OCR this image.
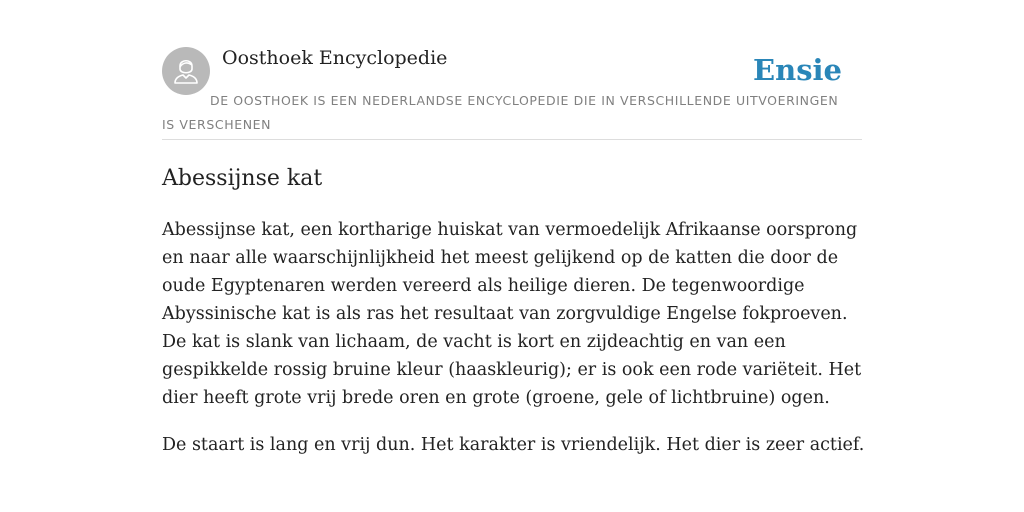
Oosthoek Encyclopedie	Ensie
DE OOSTHOEK IS EEN NEDERLANDSE ENCYCLOPEDIE DIE IN VERSCHILLENDE UITVOERINGEN IS VERSCHENEN
Abessijnse kat

Abessijnse kat, een kortharige huiskat van vermoedelijk Afrikaanse oorsprong en naar alle waarschijnlijkheid het meest gelijkend op de katten die door de oude Egyptenaren werden vereerd als heilige dieren. De tegenwoordige Abyssinische kat is als ras het resultaat van zorgvuldige Engelse fokproeven. De kat is slank van lichaam, de vacht is kort en zijdeachtig en van een gespikkelde rossig bruine kleur (haaskleurig); er is ook een rode variëteit. Het dier heeft grote vrij brede oren en grote (groene, gele of lichtbruine) ogen.

De staart is lang en vrij dun. Het karakter is vriendelijk. Het dier is zeer actief.
